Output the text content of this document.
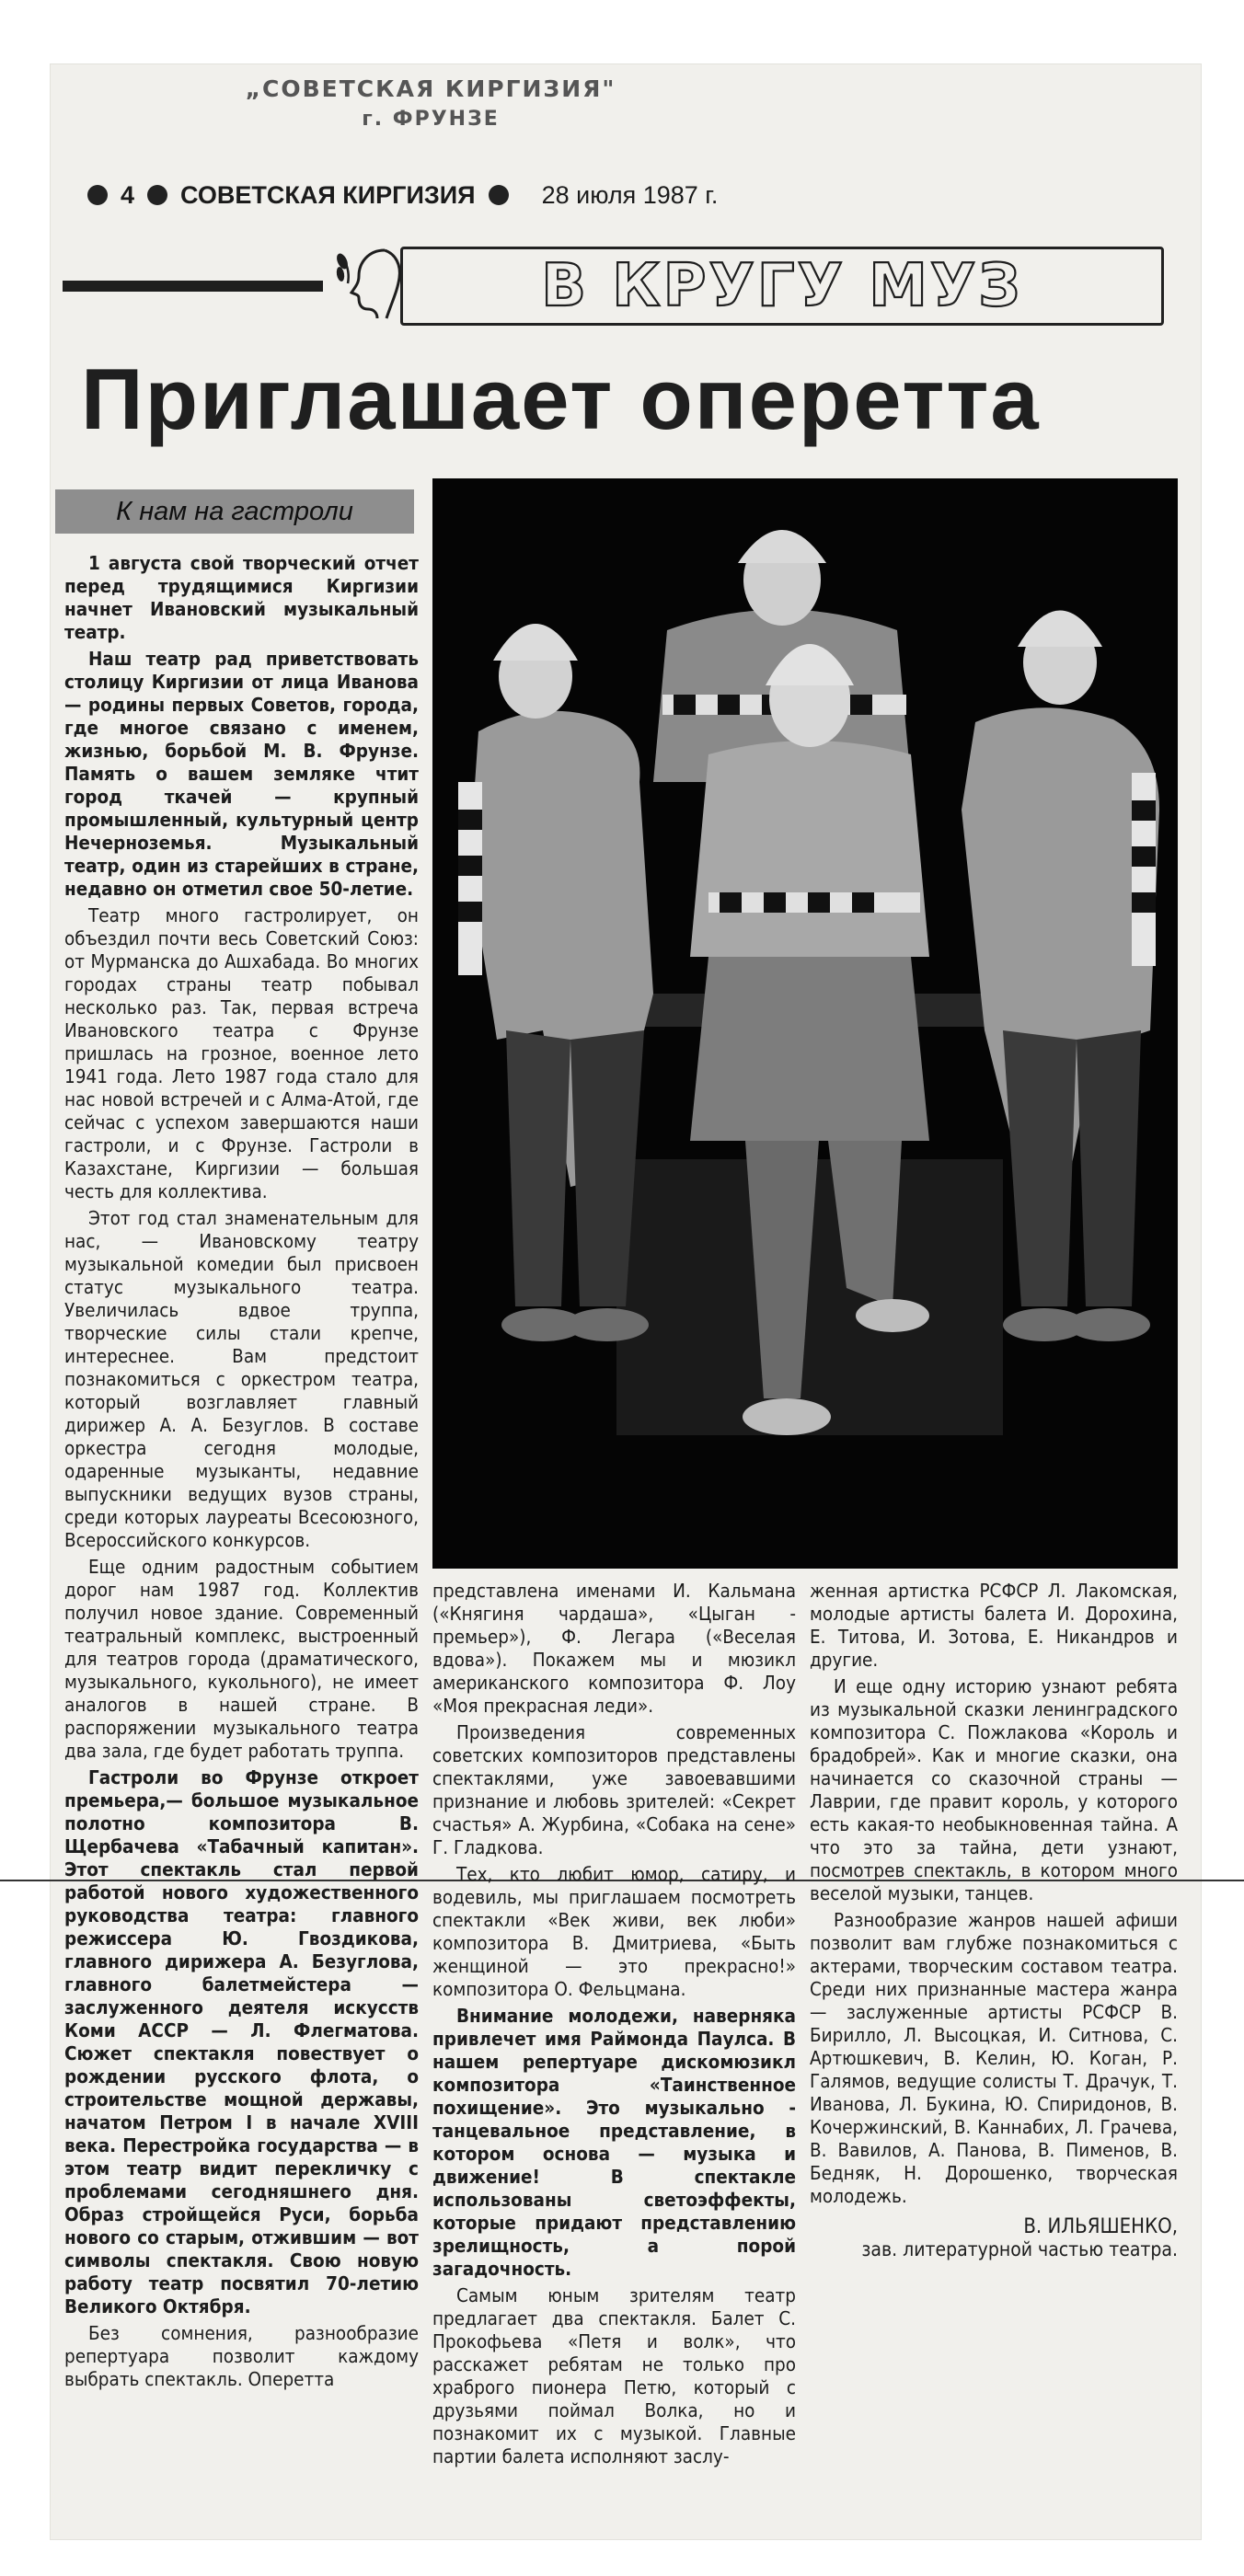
„СОВЕТСКАЯ КИРГИЗИЯ"
г. ФРУНЗЕ
4 СОВЕТСКАЯ КИРГИЗИЯ	28 июля 1987 г.
В КРУГУ МУЗ
Приглашает оперетта
К нам на гастроли

1 августа свой творческий отчет перед трудящимися Киргизии начнет Ивановский музыкальный театр.

Наш театр рад приветствовать столицу Киргизии от лица Иванова — родины первых Советов, города, где многое связано с именем, жизнью, борьбой М. В. Фрунзе. Память о вашем земляке чтит город ткачей — крупный промышленный, культурный центр Нечерноземья. Музыкальный театр, один из старейших в стране, недавно он отметил свое 50-летие.

Театр много гастролирует, он объездил почти весь Советский Союз: от Мурманска до Ашхабада. Во многих городах страны театр побывал несколько раз. Так, первая встреча Ивановского театра с Фрунзе пришлась на грозное, военное лето 1941 года. Лето 1987 года стало для нас новой встречей и с Алма-Атой, где сейчас с успехом завершаются наши гастроли, и с Фрунзе. Гастроли в Казахстане, Киргизии — большая честь для коллектива.

Этот год стал знаменательным для нас, — Ивановскому театру музыкальной комедии был присвоен статус музыкального театра. Увеличилась вдвое труппа, творческие силы стали крепче, интереснее. Вам предстоит познакомиться с оркестром театра, который возглавляет главный дирижер А. А. Безуглов. В составе оркестра сегодня молодые, одаренные музыканты, недавние выпускники ведущих вузов страны, среди которых лауреаты Всесоюзного, Всероссийского конкурсов.

Еще одним радостным событием дорог нам 1987 год. Коллектив получил новое здание. Современный театральный комплекс, выстроенный для театров города (драматического, музыкального, кукольного), не имеет аналогов в нашей стране. В распоряжении музыкального театра два зала, где будет работать труппа.

Гастроли во Фрунзе откроет премьера,— большое музыкальное полотно композитора В. Щербачева «Табачный капитан». Этот спектакль стал первой работой нового художественного руководства театра: главного режиссера Ю. Гвоздикова, главного дирижера А. Безуглова, главного балетмейстера — заслуженного деятеля искусств Коми АССР — Л. Флегматова. Сюжет спектакля повествует о рождении русского флота, о строительстве мощной державы, начатом Петром I в начале XVIII века. Перестройка государства — в этом театр видит перекличку с проблемами сегодняшнего дня. Образ стройщейся Руси, борьба нового со старым, отжившим — вот символы спектакля. Свою новую работу театр посвятил 70-летию Великого Октября.

Без сомнения, разнообразие репертуара позволит каждому выбрать спектакль. Оперетта

представлена именами И. Кальмана («Княгиня чардаша», «Цыган - премьер»), Ф. Легара («Веселая вдова»). Покажем мы и мюзикл американского композитора Ф. Лоу «Моя прекрасная леди».

Произведения современных советских композиторов представлены спектаклями, уже завоевавшими признание и любовь зрителей: «Секрет счастья» А. Журбина, «Собака на сене» Г. Гладкова.

Тех, кто любит юмор, сатиру, и водевиль, мы приглашаем посмотреть спектакли «Век живи, век люби» композитора В. Дмитриева, «Быть женщиной — это прекрасно!» композитора О. Фельцмана.

Внимание молодежи, наверняка привлечет имя Раймонда Паулса. В нашем репертуаре дискомюзикл композитора «Таинственное похищение». Это музыкально - танцевальное представление, в котором основа — музыка и движение! В спектакле использованы светоэффекты, которые придают представлению зрелищность, а порой загадочность.

Самым юным зрителям театр предлагает два спектакля. Балет С. Прокофьева «Петя и волк», что расскажет ребятам не только про храброго пионера Петю, который с друзьями поймал Волка, но и познакомит их с музыкой. Главные партии балета исполняют заслу-

женная артистка РСФСР Л. Лакомская, молодые артисты балета И. Дорохина, Е. Титова, И. Зотова, Е. Никандров и другие.

И еще одну историю узнают ребята из музыкальной сказки ленинградского композитора С. Пожлакова «Король и брадобрей». Как и многие сказки, она начинается со сказочной страны — Лаврии, где правит король, у которого есть какая-то необыкновенная тайна. А что это за тайна, дети узнают, посмотрев спектакль, в котором много веселой музыки, танцев.

Разнообразие жанров нашей афиши позволит вам глубже познакомиться с актерами, творческим составом театра. Среди них признанные мастера жанра — заслуженные артисты РСФСР В. Бирилло, Л. Высоцкая, И. Ситнова, С. Артюшкевич, В. Келин, Ю. Коган, Р. Галямов, ведущие солисты Т. Драчук, Т. Иванова, Л. Букина, Ю. Спиридонов, В. Кочержинский, В. Каннабих, Л. Грачева, В. Вавилов, А. Панова, В. Пименов, В. Бедняк, Н. Дорошенко, творческая молодежь.

В. ИЛЬЯШЕНКО,
зав. литературной частью театра.
